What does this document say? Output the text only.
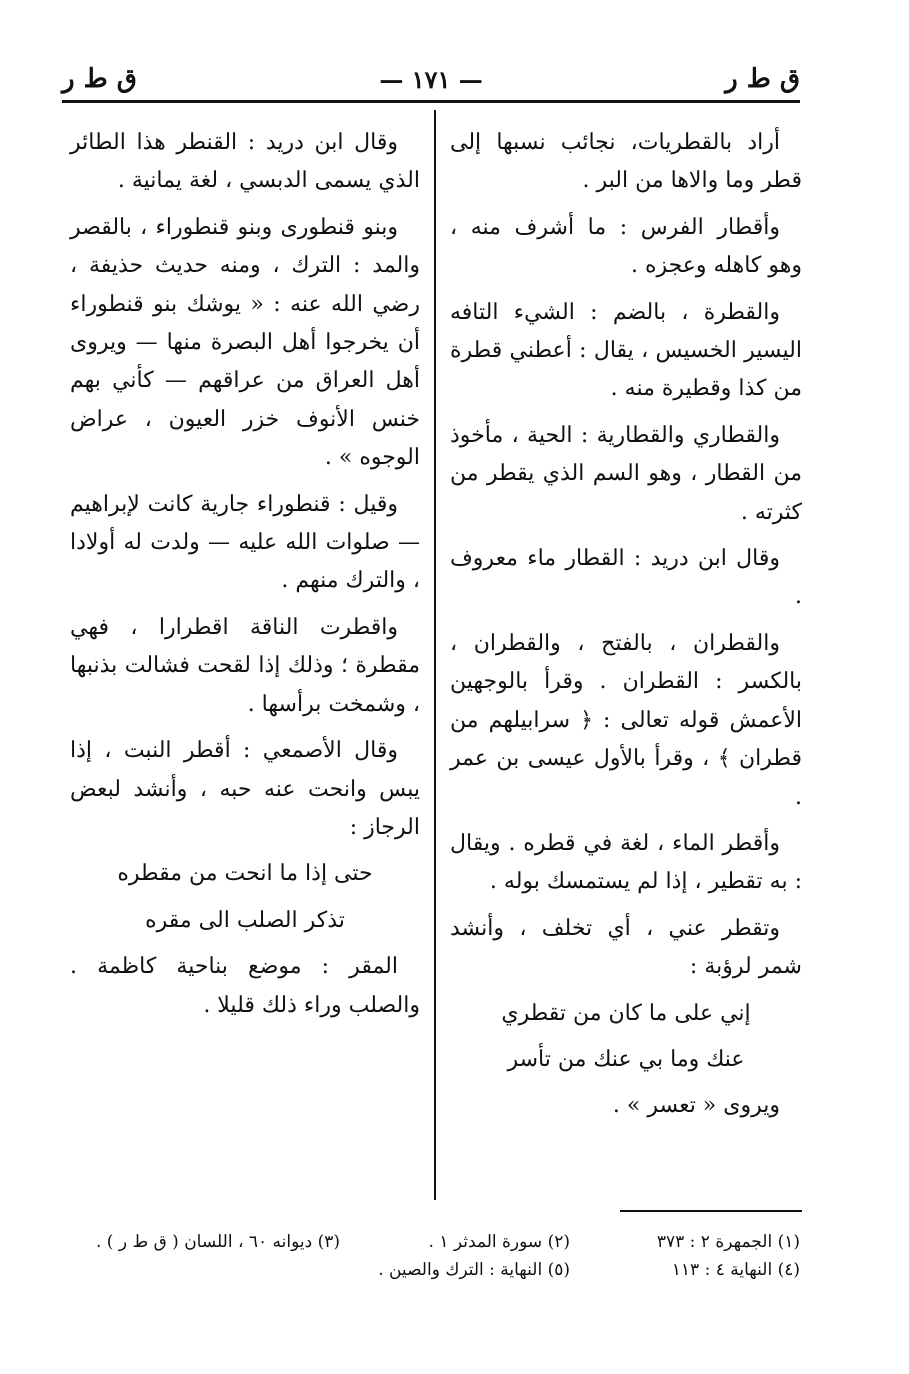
ق ط ر
— ١٧١ —
ق ط ر

أراد بالقطريات، نجائب نسبها إلى قطر وما والاها من البر .

وأقطار الفرس : ما أشرف منه ، وهو كاهله وعجزه .

والقطرة ، بالضم : الشيء التافه اليسير الخسيس ، يقال : أعطني قطرة من كذا وقطيرة منه .

والقطاري والقطارية : الحية ، مأخوذ من القطار ، وهو السم الذي يقطر من كثرته .

وقال ابن دريد : القطار ماء معروف .

والقطران ، بالفتح ، والقطران ، بالكسر : القطران . وقرأ بالوجهين الأعمش قوله تعالى : ﴿ سرابيلهم من قطران ﴾ ، وقرأ بالأول عيسى بن عمر .

وأقطر الماء ، لغة في قطره . ويقال : به تقطير ، إذا لم يستمسك بوله .

وتقطر عني ، أي تخلف ، وأنشد شمر لرؤبة :

إني على ما كان من تقطري

عنك وما بي عنك من تأسر

ويروى « تعسر » .

وقال ابن دريد : القنطر هذا الطائر الذي يسمى الدبسي ، لغة يمانية .

وبنو قنطورى وبنو قنطوراء ، بالقصر والمد : الترك ، ومنه حديث حذيفة ، رضي الله عنه : « يوشك بنو قنطوراء أن يخرجوا أهل البصرة منها — ويروى أهل العراق من عراقهم — كأني بهم خنس الأنوف خزر العيون ، عراض الوجوه » .

وقيل : قنطوراء جارية كانت لإبراهيم — صلوات الله عليه — ولدت له أولادا ، والترك منهم .

واقطرت الناقة اقطرارا ، فهي مقطرة ؛ وذلك إذا لقحت فشالت بذنبها ، وشمخت برأسها .

وقال الأصمعي : أقطر النبت ، إذا يبس وانحت عنه حبه ، وأنشد لبعض الرجاز :

حتى إذا ما انحت من مقطره

تذكر الصلب الى مقره

المقر : موضع بناحية كاظمة . والصلب وراء ذلك قليلا .

(١) الجمهرة ٢ : ٣٧٣
(٢) سورة المدثر ١ .
(٣) ديوانه ٦٠ ، اللسان ( ق ط ر ) .
(٤) النهاية ٤ : ١١٣
(٥) النهاية : الترك والصين .
